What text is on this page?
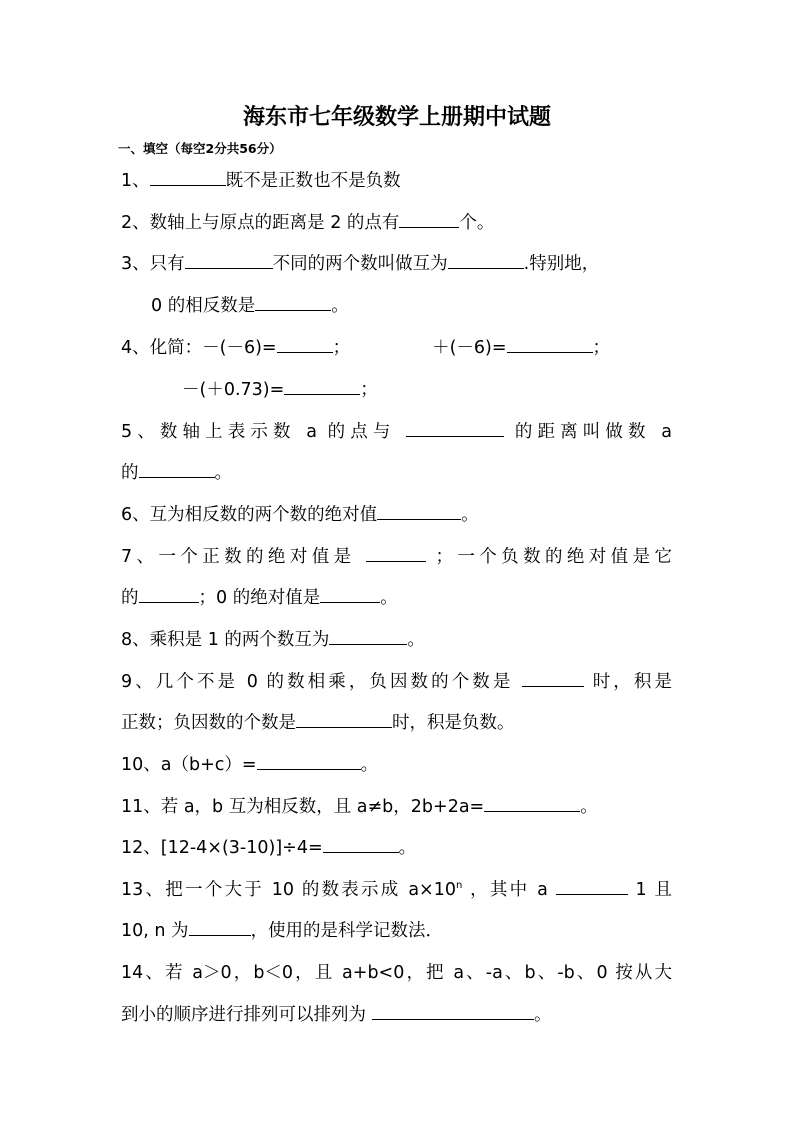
海东市七年级数学上册期中试题
一、填空（每空2分共56分）
1、	既不是正数也不是负数
2、数轴上与原点的距离是 2 的点有	个。
3、只有	不同的两个数叫做互为	.特别地，
0 的相反数是	。
4、化简：－(－6)=	；	＋(－6)=	；
－(＋0.73)=	；
5、数轴上表示数 a 的点与	的距离叫做数 a
的	。
6、互为相反数的两个数的绝对值	。
7、一个正数的绝对值是	；一个负数的绝对值是它
的	；0 的绝对值是	。
8、乘积是 1 的两个数互为	。
9、几个不是 0 的数相乘，负因数的个数是	时，积是
正数；负因数的个数是	时，积是负数。
10、a（b+c）=	。
11、若 a，b 互为相反数，且 a≠b，2b+2a=	。
12、[12-4×(3-10)]÷4=	。
13、把一个大于 10 的数表示成 $a\times 10^n$ ，其中 a	1 且
10, n 为	，使用的是科学记数法．
14、若 a＞0，b＜0，且 a+b<0，把 a、-a、b、-b、0 按从大
到小的顺序进行排列可以排列为	。
